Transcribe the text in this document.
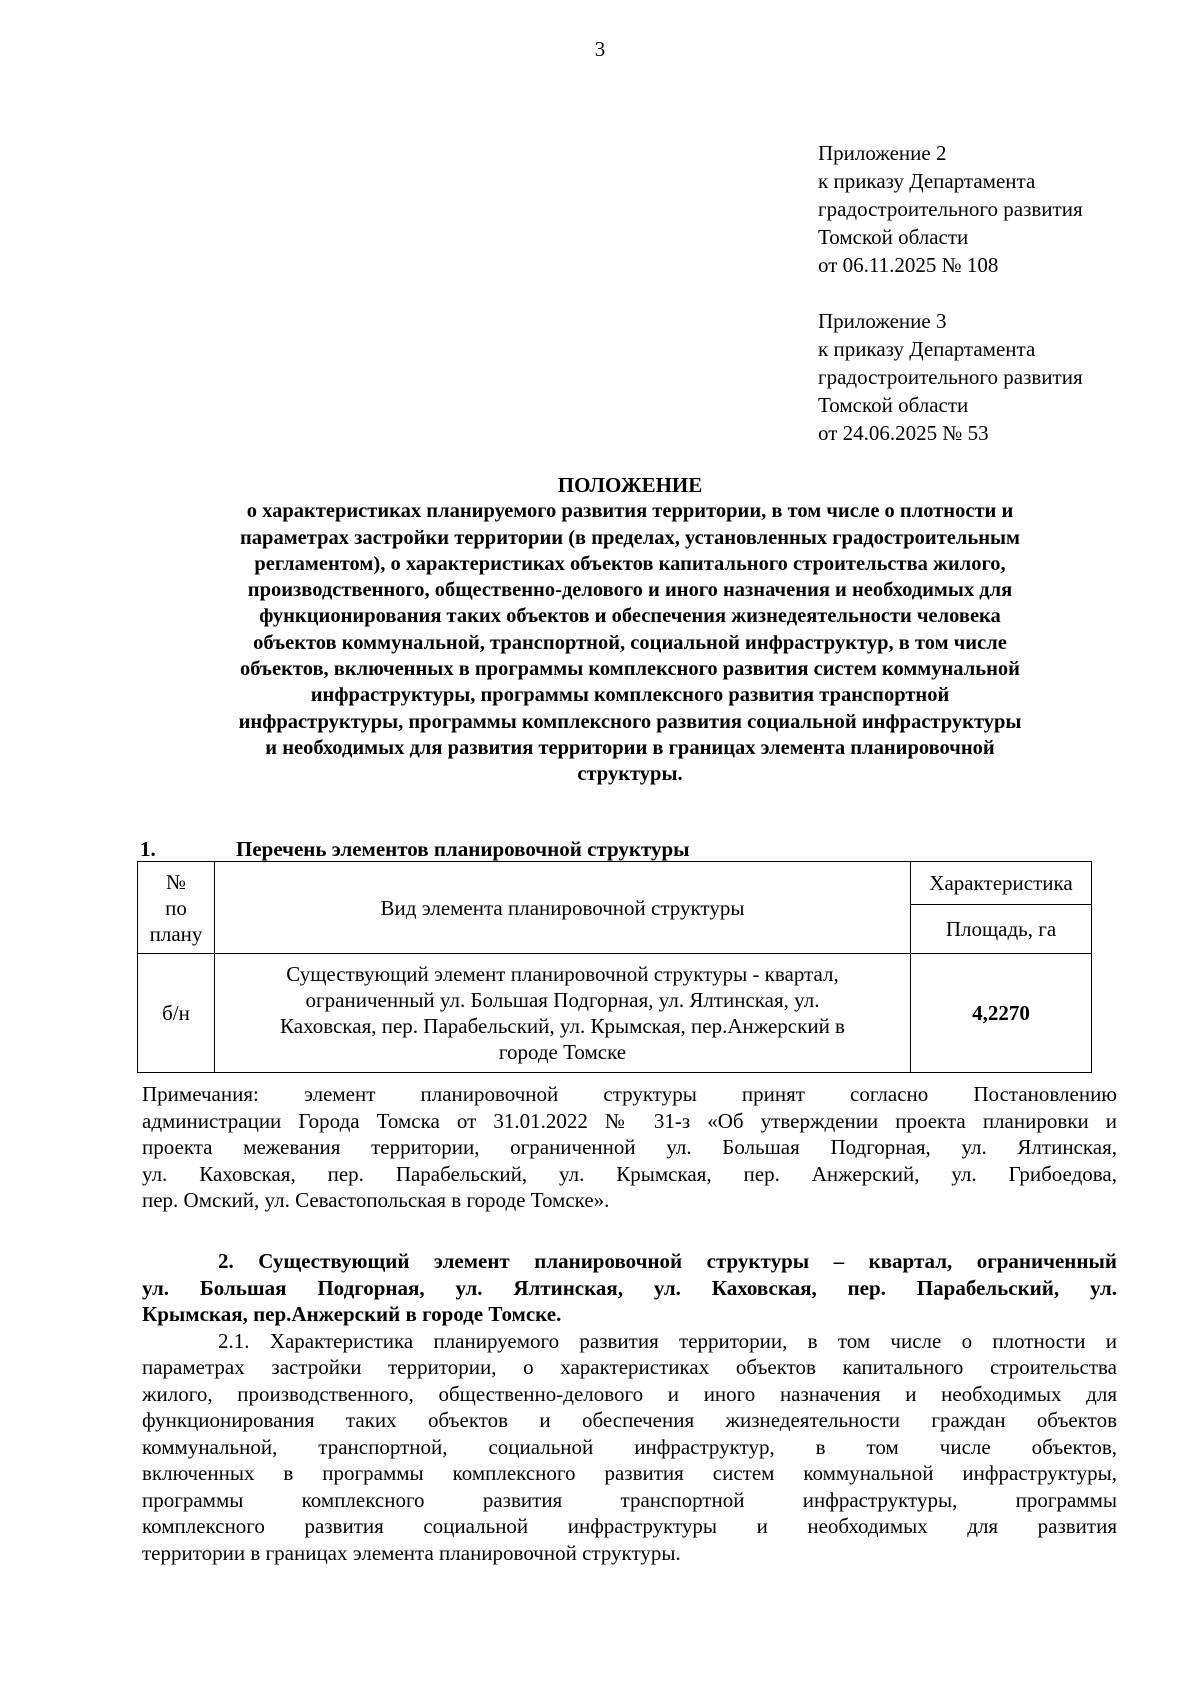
3
Приложение 2
к приказу Департамента
градостроительного развития
Томской области
от 06.11.2025 № 108
Приложение 3
к приказу Департамента
градостроительного развития
Томской области
от 24.06.2025 № 53
ПОЛОЖЕНИЕ
о характеристиках планируемого развития территории, в том числе о плотности и
параметрах застройки территории (в пределах, установленных градостроительным
регламентом), о характеристиках объектов капитального строительства жилого,
производственного, общественно-делового и иного назначения и необходимых для
функционирования таких объектов и обеспечения жизнедеятельности человека
объектов коммунальной, транспортной, социальной инфраструктур, в том числе
объектов, включенных в программы комплексного развития систем коммунальной
инфраструктуры, программы комплексного развития транспортной
инфраструктуры, программы комплексного развития социальной инфраструктуры
и необходимых для развития территории в границах элемента планировочной
структуры.
1.	Перечень элементов планировочной структуры
№
по
плану	Вид элемента планировочной структуры	Характеристика
		Площадь, га
б/н	Существующий элемент планировочной структуры - квартал,
ограниченный ул. Большая Подгорная, ул. Ялтинская, ул.
Каховская, пер. Парабельский, ул. Крымская, пер.Анжерский в
городе Томске	4,2270
Примечания: элемент планировочной структуры принят согласно Постановлению
администрации Города Томска от 31.01.2022 № 31-з «Об утверждении проекта планировки и
проекта межевания территории, ограниченной ул. Большая Подгорная, ул. Ялтинская,
ул. Каховская, пер. Парабельский, ул. Крымская, пер. Анжерский, ул. Грибоедова,
пер. Омский, ул. Севастопольская в городе Томске».
2. Существующий элемент планировочной структуры – квартал, ограниченный
ул. Большая Подгорная, ул. Ялтинская, ул. Каховская, пер. Парабельский, ул.
Крымская, пер.Анжерский в городе Томске.
2.1. Характеристика планируемого развития территории, в том числе о плотности и
параметрах застройки территории, о характеристиках объектов капитального строительства
жилого, производственного, общественно-делового и иного назначения и необходимых для
функционирования таких объектов и обеспечения жизнедеятельности граждан объектов
коммунальной, транспортной, социальной инфраструктур, в том числе объектов,
включенных в программы комплексного развития систем коммунальной инфраструктуры,
программы комплексного развития транспортной инфраструктуры, программы
комплексного развития социальной инфраструктуры и необходимых для развития
территории в границах элемента планировочной структуры.
